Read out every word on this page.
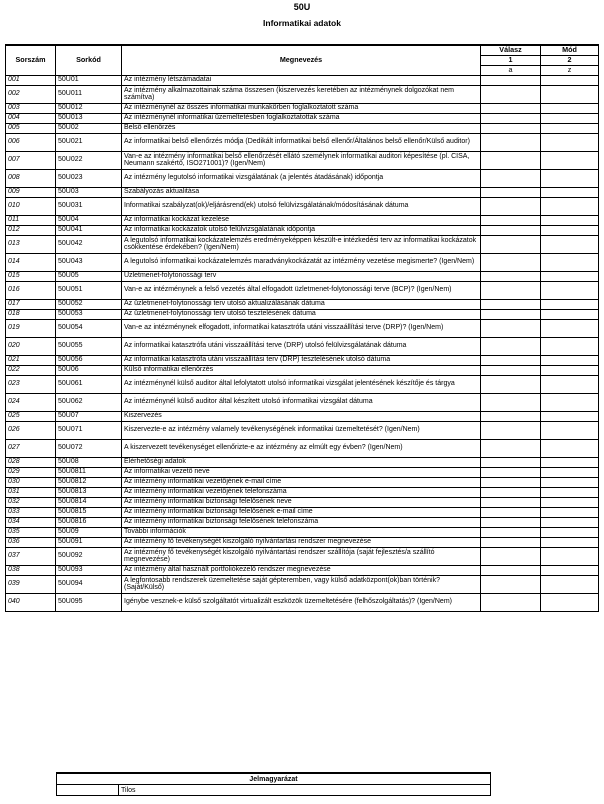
50U
Informatikai adatok
Sorszám	Sorkód	Megnevezés	Válasz	Mód
			1	2
			a	z
001	50U01	Az intézmény létszámadatai		
002	50U011	Az intézmény alkalmazottainak száma összesen (kiszervezés keretében az intézménynek dolgozókat nem számítva)		
003	50U012	Az intézménynél az összes informatikai munkakörben foglalkoztatott száma		
004	50U013	Az intézménynél informatikai üzemeltetésben foglalkoztatottak száma		
005	50U02	Belső ellenőrzés		
006	50U021	Az informatikai belső ellenőrzés módja (Dedikált informatikai belső ellenőr/Általános belső ellenőr/Külső auditor)		
007	50U022	Van-e az intézmény informatikai belső ellenőrzését ellátó személynek informatikai auditori képesítése (pl. CISA, Neumann szakértő, ISO271001)? (Igen/Nem)		
008	50U023	Az intézmény legutolsó informatikai vizsgálatának (a jelentés átadásának) időpontja		
009	50U03	Szabályozás aktualitása		
010	50U031	Informatikai szabályzat(ok)/eljárásrend(ek) utolsó felülvizsgálatának/módosításának dátuma		
011	50U04	Az informatikai kockázat kezelése		
012	50U041	Az informatikai kockázatok utolsó felülvizsgálatának időpontja		
013	50U042	A legutolsó informatikai kockázatelemzés eredményeképpen készült-e intézkedési terv az informatikai kockázatok csökkentése érdekében? (Igen/Nem)		
014	50U043	A legutolsó informatikai kockázatelemzés maradványkockázatát az intézmény vezetése megismerte? (Igen/Nem)		
015	50U05	Üzletmenet-folytonossági terv		
016	50U051	Van-e az intézménynek a felső vezetés által elfogadott üzletmenet-folytonossági terve (BCP)? (Igen/Nem)		
017	50U052	Az üzletmenet-folytonossági terv utolsó aktualizálásának dátuma		
018	50U053	Az üzletmenet-folytonossági terv utolsó tesztelésének dátuma		
019	50U054	Van-e az intézménynek elfogadott, informatikai katasztrófa utáni visszaállítási terve (DRP)? (Igen/Nem)		
020	50U055	Az informatikai katasztrófa utáni visszaállítási terve (DRP) utolsó felülvizsgálatának dátuma		
021	50U056	Az informatikai katasztrófa utáni visszaállítási terv (DRP) tesztelésének utolsó dátuma		
022	50U06	Külső informatikai ellenőrzés		
023	50U061	Az intézménynél külső auditor által lefolytatott utolsó informatikai vizsgálat jelentésének készítője és tárgya		
024	50U062	Az intézménynél külső auditor által készített utolsó informatikai vizsgálat dátuma		
025	50U07	Kiszervezés		
026	50U071	Kiszervezte-e az intézmény valamely tevékenységének informatikai üzemeltetését? (Igen/Nem)		
027	50U072	A kiszervezett tevékenységet ellenőrizte-e az intézmény az elmúlt egy évben? (Igen/Nem)		
028	50U08	Elérhetőségi adatok		
029	50U0811	Az informatikai vezető neve		
030	50U0812	Az intézmény informatikai vezetőjének e-mail címe		
031	50U0813	Az intézmény informatikai vezetőjének telefonszáma		
032	50U0814	Az intézmény informatikai biztonsági felelősének neve		
033	50U0815	Az intézmény informatikai biztonsági felelősének e-mail címe		
034	50U0816	Az intézmény informatikai biztonsági felelősének telefonszáma		
035	50U09	További információk		
036	50U091	Az intézmény fő tevékenységét kiszolgáló nyilvántartási rendszer megnevezése		
037	50U092	Az intézmény fő tevékenységét kiszolgáló nyilvántartási rendszer szállítója (saját fejlesztés/a szállító megnevezése)		
038	50U093	Az intézmény által használt portfoliókezelő rendszer megnevezése		
039	50U094	A legfontosabb rendszerek üzemeltetése saját gépteremben, vagy külső adatközpont(ok)ban történik? (Saját/Külső)		
040	50U095	Igénybe vesznek-e külső szolgáltatót virtualizált eszközök üzemeltetésére (felhőszolgáltatás)? (Igen/Nem)		
Jelmagyarázat
	Tilos
